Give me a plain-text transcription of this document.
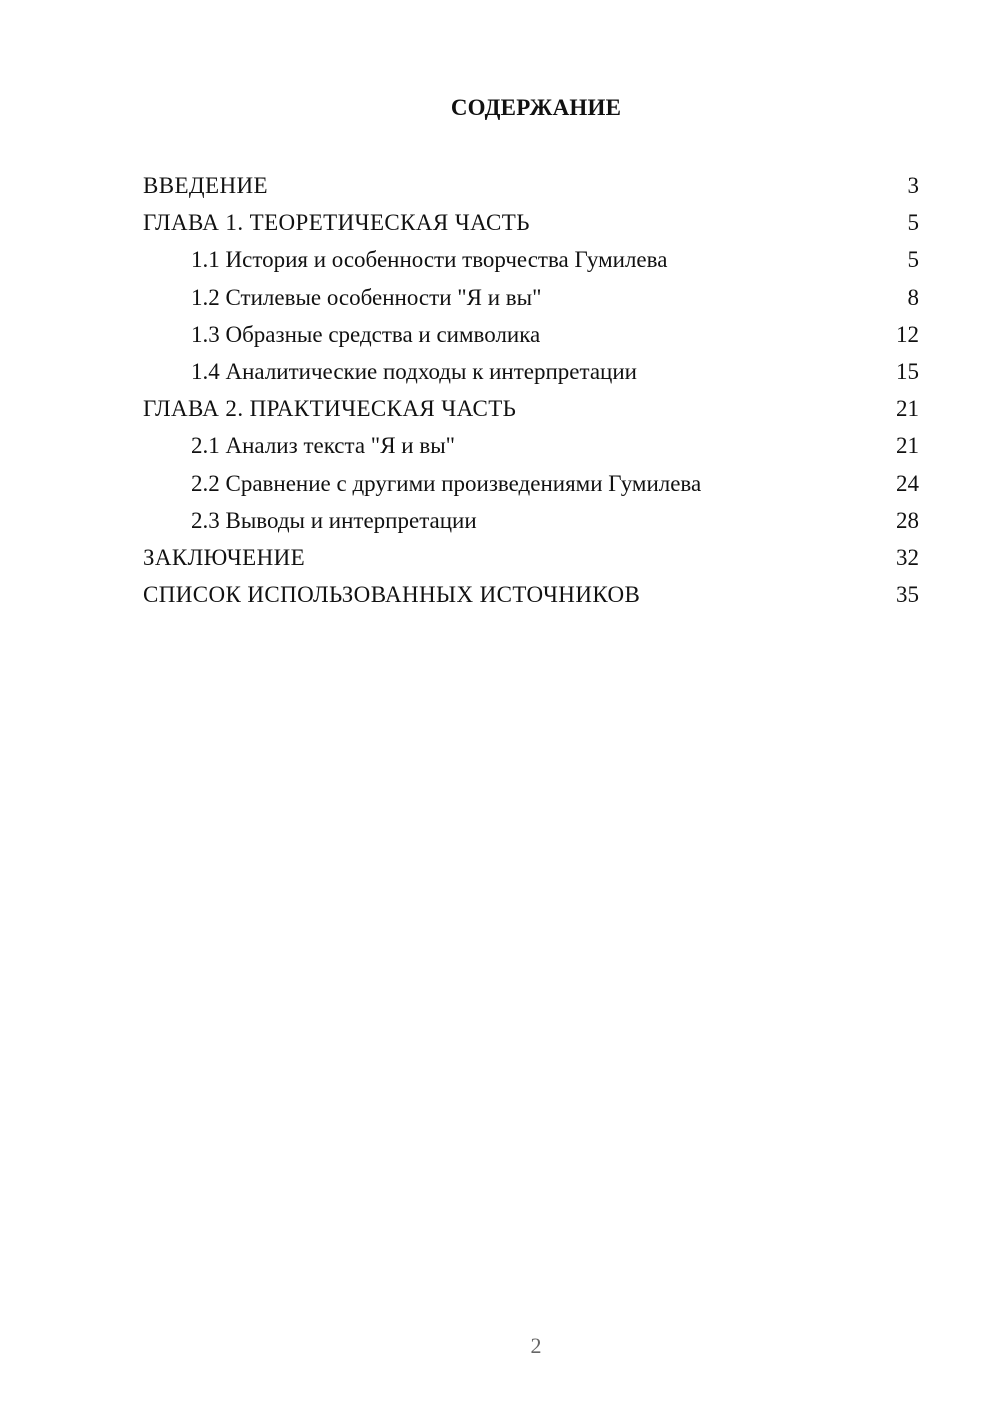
СОДЕРЖАНИЕ
ВВЕДЕНИЕ	3
ГЛАВА 1. ТЕОРЕТИЧЕСКАЯ ЧАСТЬ	5
1.1 История и особенности творчества Гумилева	5
1.2 Стилевые особенности "Я и вы"	8
1.3 Образные средства и символика	12
1.4 Аналитические подходы к интерпретации	15
ГЛАВА 2. ПРАКТИЧЕСКАЯ ЧАСТЬ	21
2.1 Анализ текста "Я и вы"	21
2.2 Сравнение с другими произведениями Гумилева	24
2.3 Выводы и интерпретации	28
ЗАКЛЮЧЕНИЕ	32
СПИСОК ИСПОЛЬЗОВАННЫХ ИСТОЧНИКОВ	35
2
